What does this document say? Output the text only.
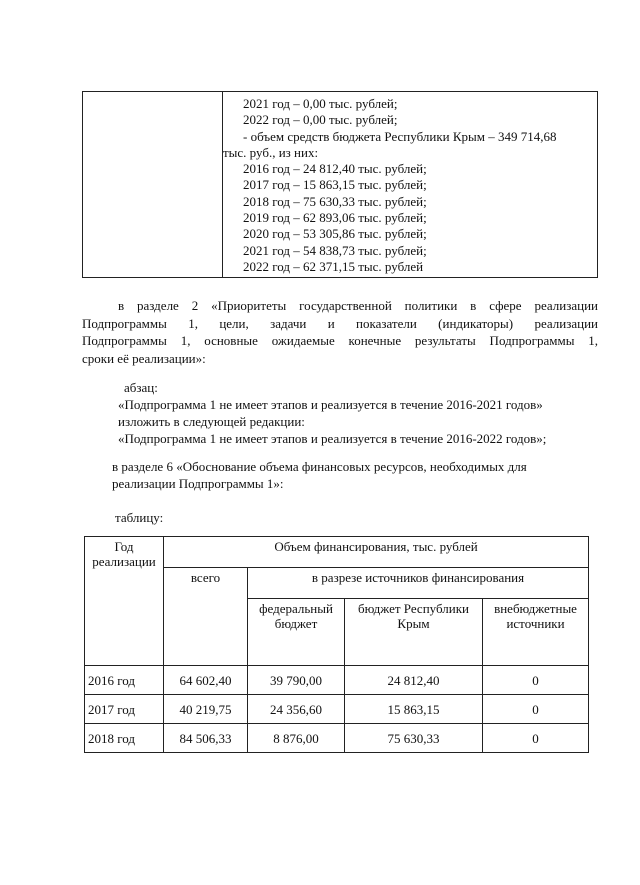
2021 год – 0,00 тыс. рублей;
2022 год – 0,00 тыс. рублей;
- объем средств бюджета Республики Крым – 349 714,68
тыс. руб., из них:
2016 год – 24 812,40 тыс. рублей;
2017 год – 15 863,15 тыс. рублей;
2018 год – 75 630,33 тыс. рублей;
2019 год – 62 893,06 тыс. рублей;
2020 год – 53 305,86 тыс. рублей;
2021 год – 54 838,73 тыс. рублей;
2022 год – 62 371,15 тыс. рублей
в разделе 2 «Приоритеты государственной политики в сфере реализации
Подпрограммы 1, цели, задачи и показатели (индикаторы) реализации
Подпрограммы 1, основные ожидаемые конечные результаты Подпрограммы 1,
сроки её реализации»:
абзац:
«Подпрограмма 1 не имеет этапов и реализуется в течение 2016-2021 годов»
изложить в следующей редакции:
«Подпрограмма 1 не имеет этапов и реализуется в течение 2016-2022 годов»;
в разделе 6 «Обоснование объема финансовых ресурсов, необходимых для
реализации Подпрограммы 1»:
таблицу:
Год реализации	Объем финансирования, тыс. рублей			
	всего	в разрезе источников финансирования		
		федеральный бюджет	бюджет Республики Крым	внебюджетные источники
2016 год	64 602,40	39 790,00	24 812,40	0
2017 год	40 219,75	24 356,60	15 863,15	0
2018 год	84 506,33	8 876,00	75 630,33	0
